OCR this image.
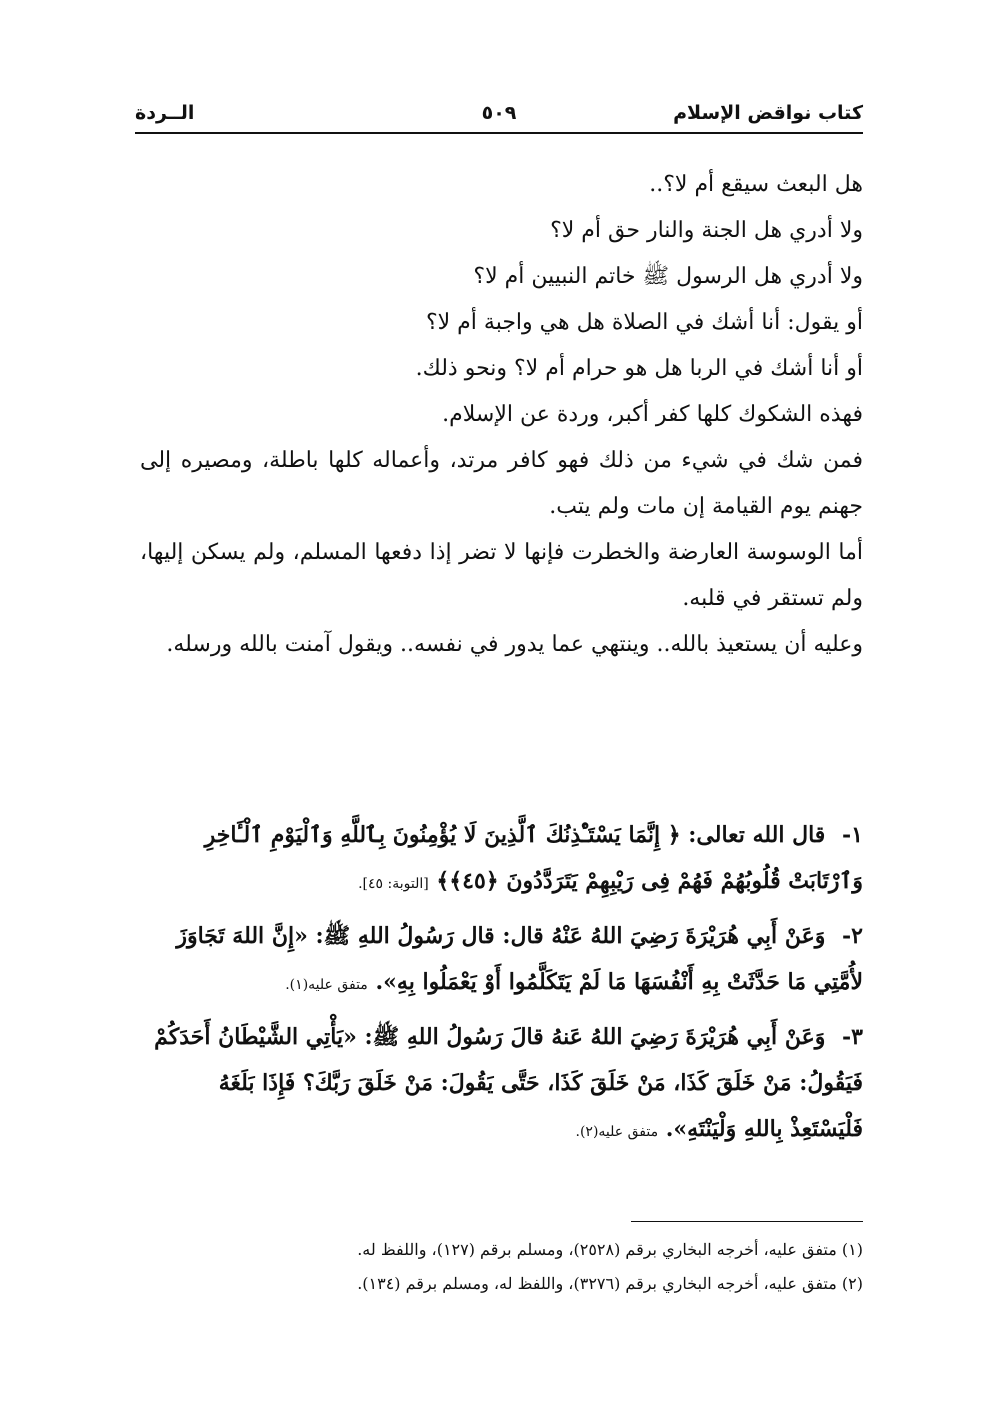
كتاب نواقض الإسلام
٥٠٩
الــردة

هل البعث سيقع أم لا؟..

ولا أدري هل الجنة والنار حق أم لا؟

ولا أدري هل الرسول ﷺ خاتم النبيين أم لا؟

أو يقول: أنا أشك في الصلاة هل هي واجبة أم لا؟

أو أنا أشك في الربا هل هو حرام أم لا؟ ونحو ذلك.

فهذه الشكوك كلها كفر أكبر، وردة عن الإسلام.

فمن شك في شيء من ذلك فهو كافر مرتد، وأعماله كلها باطلة، ومصيره إلى جهنم يوم القيامة إن مات ولم يتب.

أما الوسوسة العارضة والخطرت فإنها لا تضر إذا دفعها المسلم، ولم يسكن إليها، ولم تستقر في قلبه.

وعليه أن يستعيذ بالله.. وينتهي عما يدور في نفسه.. ويقول آمنت بالله ورسله.

١- قال الله تعالى: ﴿ إِنَّمَا يَسْتَـْٔذِنُكَ ٱلَّذِينَ لَا يُؤْمِنُونَ بِٱللَّهِ وَٱلْيَوْمِ ٱلْـَٔاخِرِ وَٱرْتَابَتْ قُلُوبُهُمْ فَهُمْ فِى رَيْبِهِمْ يَتَرَدَّدُونَ ﴿٤٥﴾﴾ [التوبة: ٤٥].

٢- وَعَنْ أَبِي هُرَيْرَةَ رَضِيَ اللهُ عَنْهُ قال: قال رَسُولُ اللهِ ﷺ: «إِنَّ اللهَ تَجَاوَزَ لأُمَّتِي مَا حَدَّثَتْ بِهِ أَنْفُسَهَا مَا لَمْ يَتَكَلَّمُوا أَوْ يَعْمَلُوا بِهِ». متفق عليه(١).

٣- وَعَنْ أَبِي هُرَيْرَةَ رَضِيَ اللهُ عَنهُ قالَ رَسُولُ اللهِ ﷺ: «يَأْتِي الشَّيْطَانُ أَحَدَكُمْ فَيَقُولُ: مَنْ خَلَقَ كَذَا، مَنْ خَلَقَ كَذَا، حَتَّى يَقُولَ: مَنْ خَلَقَ رَبَّكَ؟ فَإِذَا بَلَغَهُ فَلْيَسْتَعِذْ بِاللهِ وَلْيَنْتَهِ». متفق عليه(٢).

(١) متفق عليه، أخرجه البخاري برقم (٢٥٢٨)، ومسلم برقم (١٢٧)، واللفظ له.

(٢) متفق عليه، أخرجه البخاري برقم (٣٢٧٦)، واللفظ له، ومسلم برقم (١٣٤).
